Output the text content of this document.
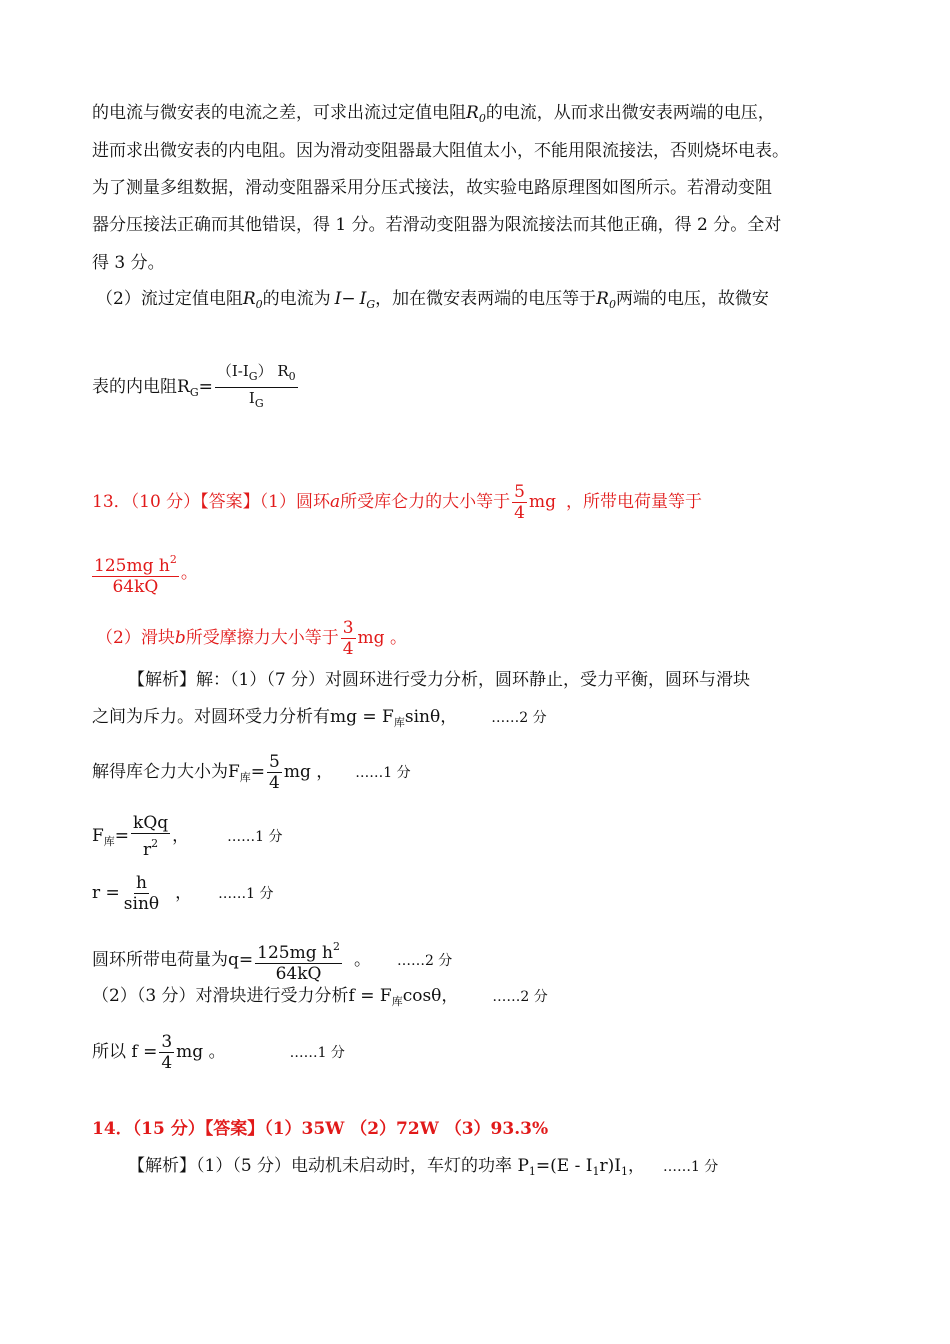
的电流与微安表的电流之差，可求出流过定值电阻$R_0$的电流，从而求出微安表两端的电压，
进而求出微安表的内电阻。因为滑动变阻器最大阻值太小，不能用限流接法，否则烧坏电表。
为了测量多组数据，滑动变阻器采用分压式接法，故实验电路原理图如图所示。若滑动变阻
器分压接法正确而其他错误，得 1 分。若滑动变阻器为限流接法而其他正确，得 2 分。全对
得 3 分。
（2）流过定值电阻$R_0$的电流为 $I- I_G$，加在微安表两端的电压等于$R_0$两端的电压，故微安
表的内电阻$R_G= \frac{(I-I_G) R_0}{I_G}$
13．（10 分）【答案】（1）圆环a所受库仑力的大小等于 $\frac{5}{4}$ mg ，所带电荷量等于
$\frac{125mg h^2}{64kQ}$ 。
（2）滑块b所受摩擦力大小等于 $\frac{3}{4}$ mg 。
【解析】解：（1）（7 分）对圆环进行受力分析，圆环静止，受力平衡，圆环与滑块
之间为斥力。对圆环受力分析有mg = $F_库\sin\theta$， ……2 分
解得库仑力大小为$F_库= \frac{5}{4}$ mg ， ……1 分
$F_库= \frac{\text{kQq}}{r^2}$ ，	……1 分
$r = \frac{h}{\sin\theta}$ ， ……1 分
圆环所带电荷量为$q= \frac{125mg h^2}{64kQ}$ 。 ……2 分
（2）（3 分）对滑块进行受力分析$f = F_库\cos\theta$， ……2 分
所以 $f = \frac{3}{4}$ mg 。	……1 分
14．（15 分）【答案】（1）35W （2）72W （3）93.3%
【解析】（1）（5 分）电动机未启动时，车灯的功率 $P_1=(E - I_1r)I_1$， ……1 分
